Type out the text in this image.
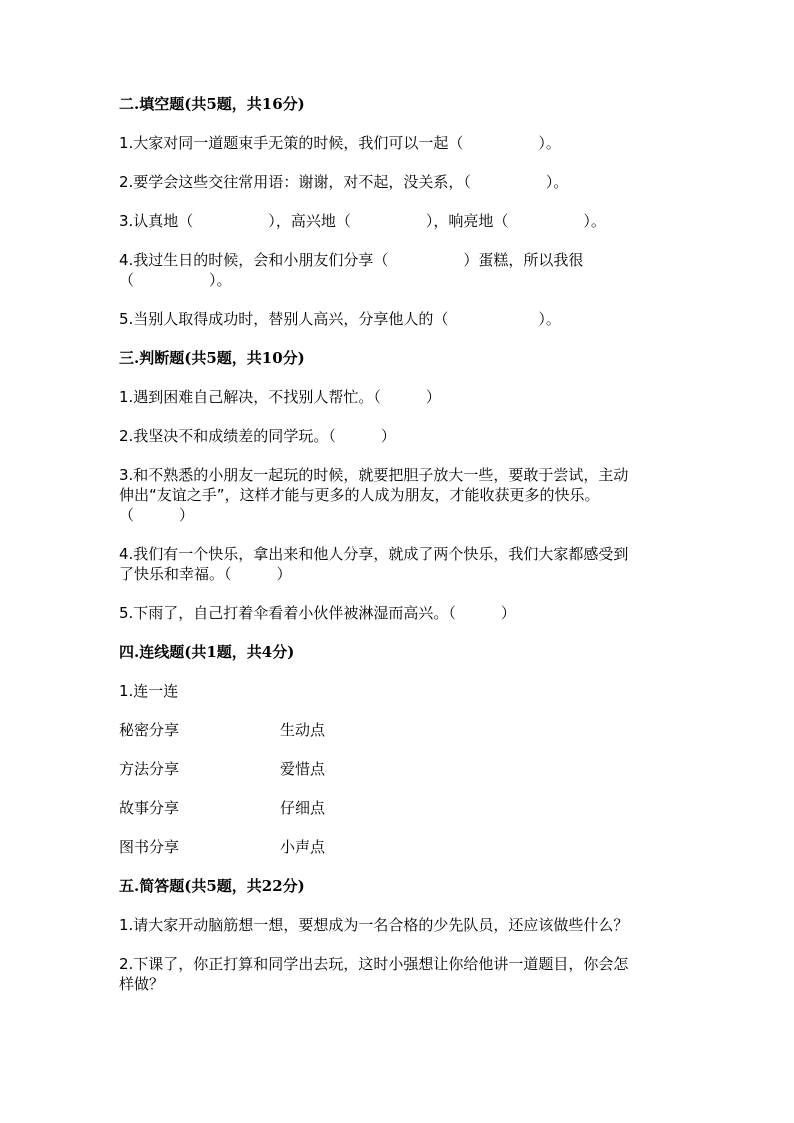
二.填空题(共5题，共16分)
1.大家对同一道题束手无策的时候，我们可以一起（　　　　　）。
2.要学会这些交往常用语：谢谢，对不起，没关系，（　　　　　）。
3.认真地（　　　　　），高兴地（　　　　　），响亮地（　　　　　）。
4.我过生日的时候，会和小朋友们分享（　　　　　）蛋糕，所以我很
（　　　　　）。
5.当别人取得成功时，替别人高兴，分享他人的（　　　　　　）。
三.判断题(共5题，共10分)
1.遇到困难自己解决，不找别人帮忙。（　　　）
2.我坚决不和成绩差的同学玩。（　　　）
3.和不熟悉的小朋友一起玩的时候，就要把胆子放大一些，要敢于尝试，主动
伸出“友谊之手”，这样才能与更多的人成为朋友，才能收获更多的快乐。
（　　　）
4.我们有一个快乐，拿出来和他人分享，就成了两个快乐，我们大家都感受到
了快乐和幸福。（　　　）
5.下雨了，自己打着伞看着小伙伴被淋湿而高兴。（　　　）
四.连线题(共1题，共4分)
1.连一连
秘密分享	生动点
方法分享	爱惜点
故事分享	仔细点
图书分享	小声点
五.简答题(共5题，共22分)
1.请大家开动脑筋想一想，要想成为一名合格的少先队员，还应该做些什么？
2.下课了，你正打算和同学出去玩，这时小强想让你给他讲一道题目，你会怎
样做？
